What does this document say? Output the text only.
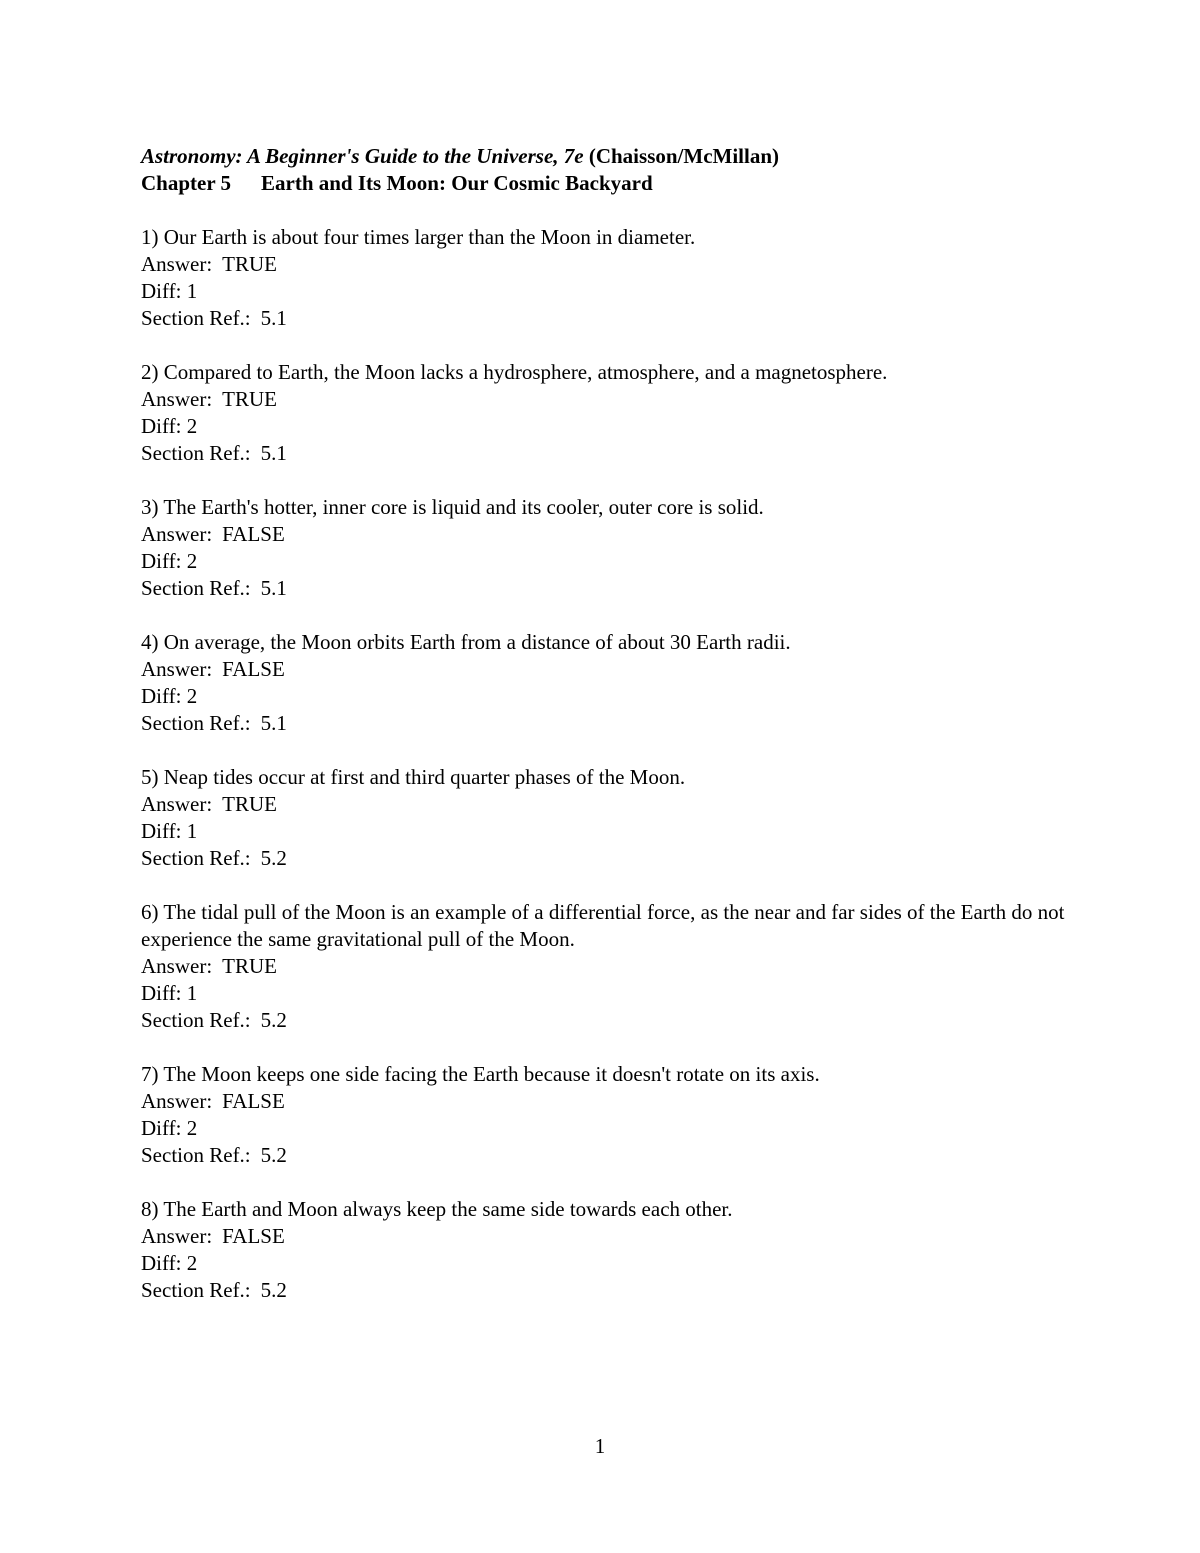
Astronomy: A Beginner's Guide to the Universe, 7e (Chaisson/McMillan)
Chapter 5 Earth and Its Moon: Our Cosmic Backyard
1) Our Earth is about four times larger than the Moon in diameter.
Answer: TRUE
Diff: 1
Section Ref.: 5.1
2) Compared to Earth, the Moon lacks a hydrosphere, atmosphere, and a magnetosphere.
Answer: TRUE
Diff: 2
Section Ref.: 5.1
3) The Earth's hotter, inner core is liquid and its cooler, outer core is solid.
Answer: FALSE
Diff: 2
Section Ref.: 5.1
4) On average, the Moon orbits Earth from a distance of about 30 Earth radii.
Answer: FALSE
Diff: 2
Section Ref.: 5.1
5) Neap tides occur at first and third quarter phases of the Moon.
Answer: TRUE
Diff: 1
Section Ref.: 5.2
6) The tidal pull of the Moon is an example of a differential force, as the near and far sides of the Earth do not experience the same gravitational pull of the Moon.
Answer: TRUE
Diff: 1
Section Ref.: 5.2
7) The Moon keeps one side facing the Earth because it doesn't rotate on its axis.
Answer: FALSE
Diff: 2
Section Ref.: 5.2
8) The Earth and Moon always keep the same side towards each other.
Answer: FALSE
Diff: 2
Section Ref.: 5.2
1
